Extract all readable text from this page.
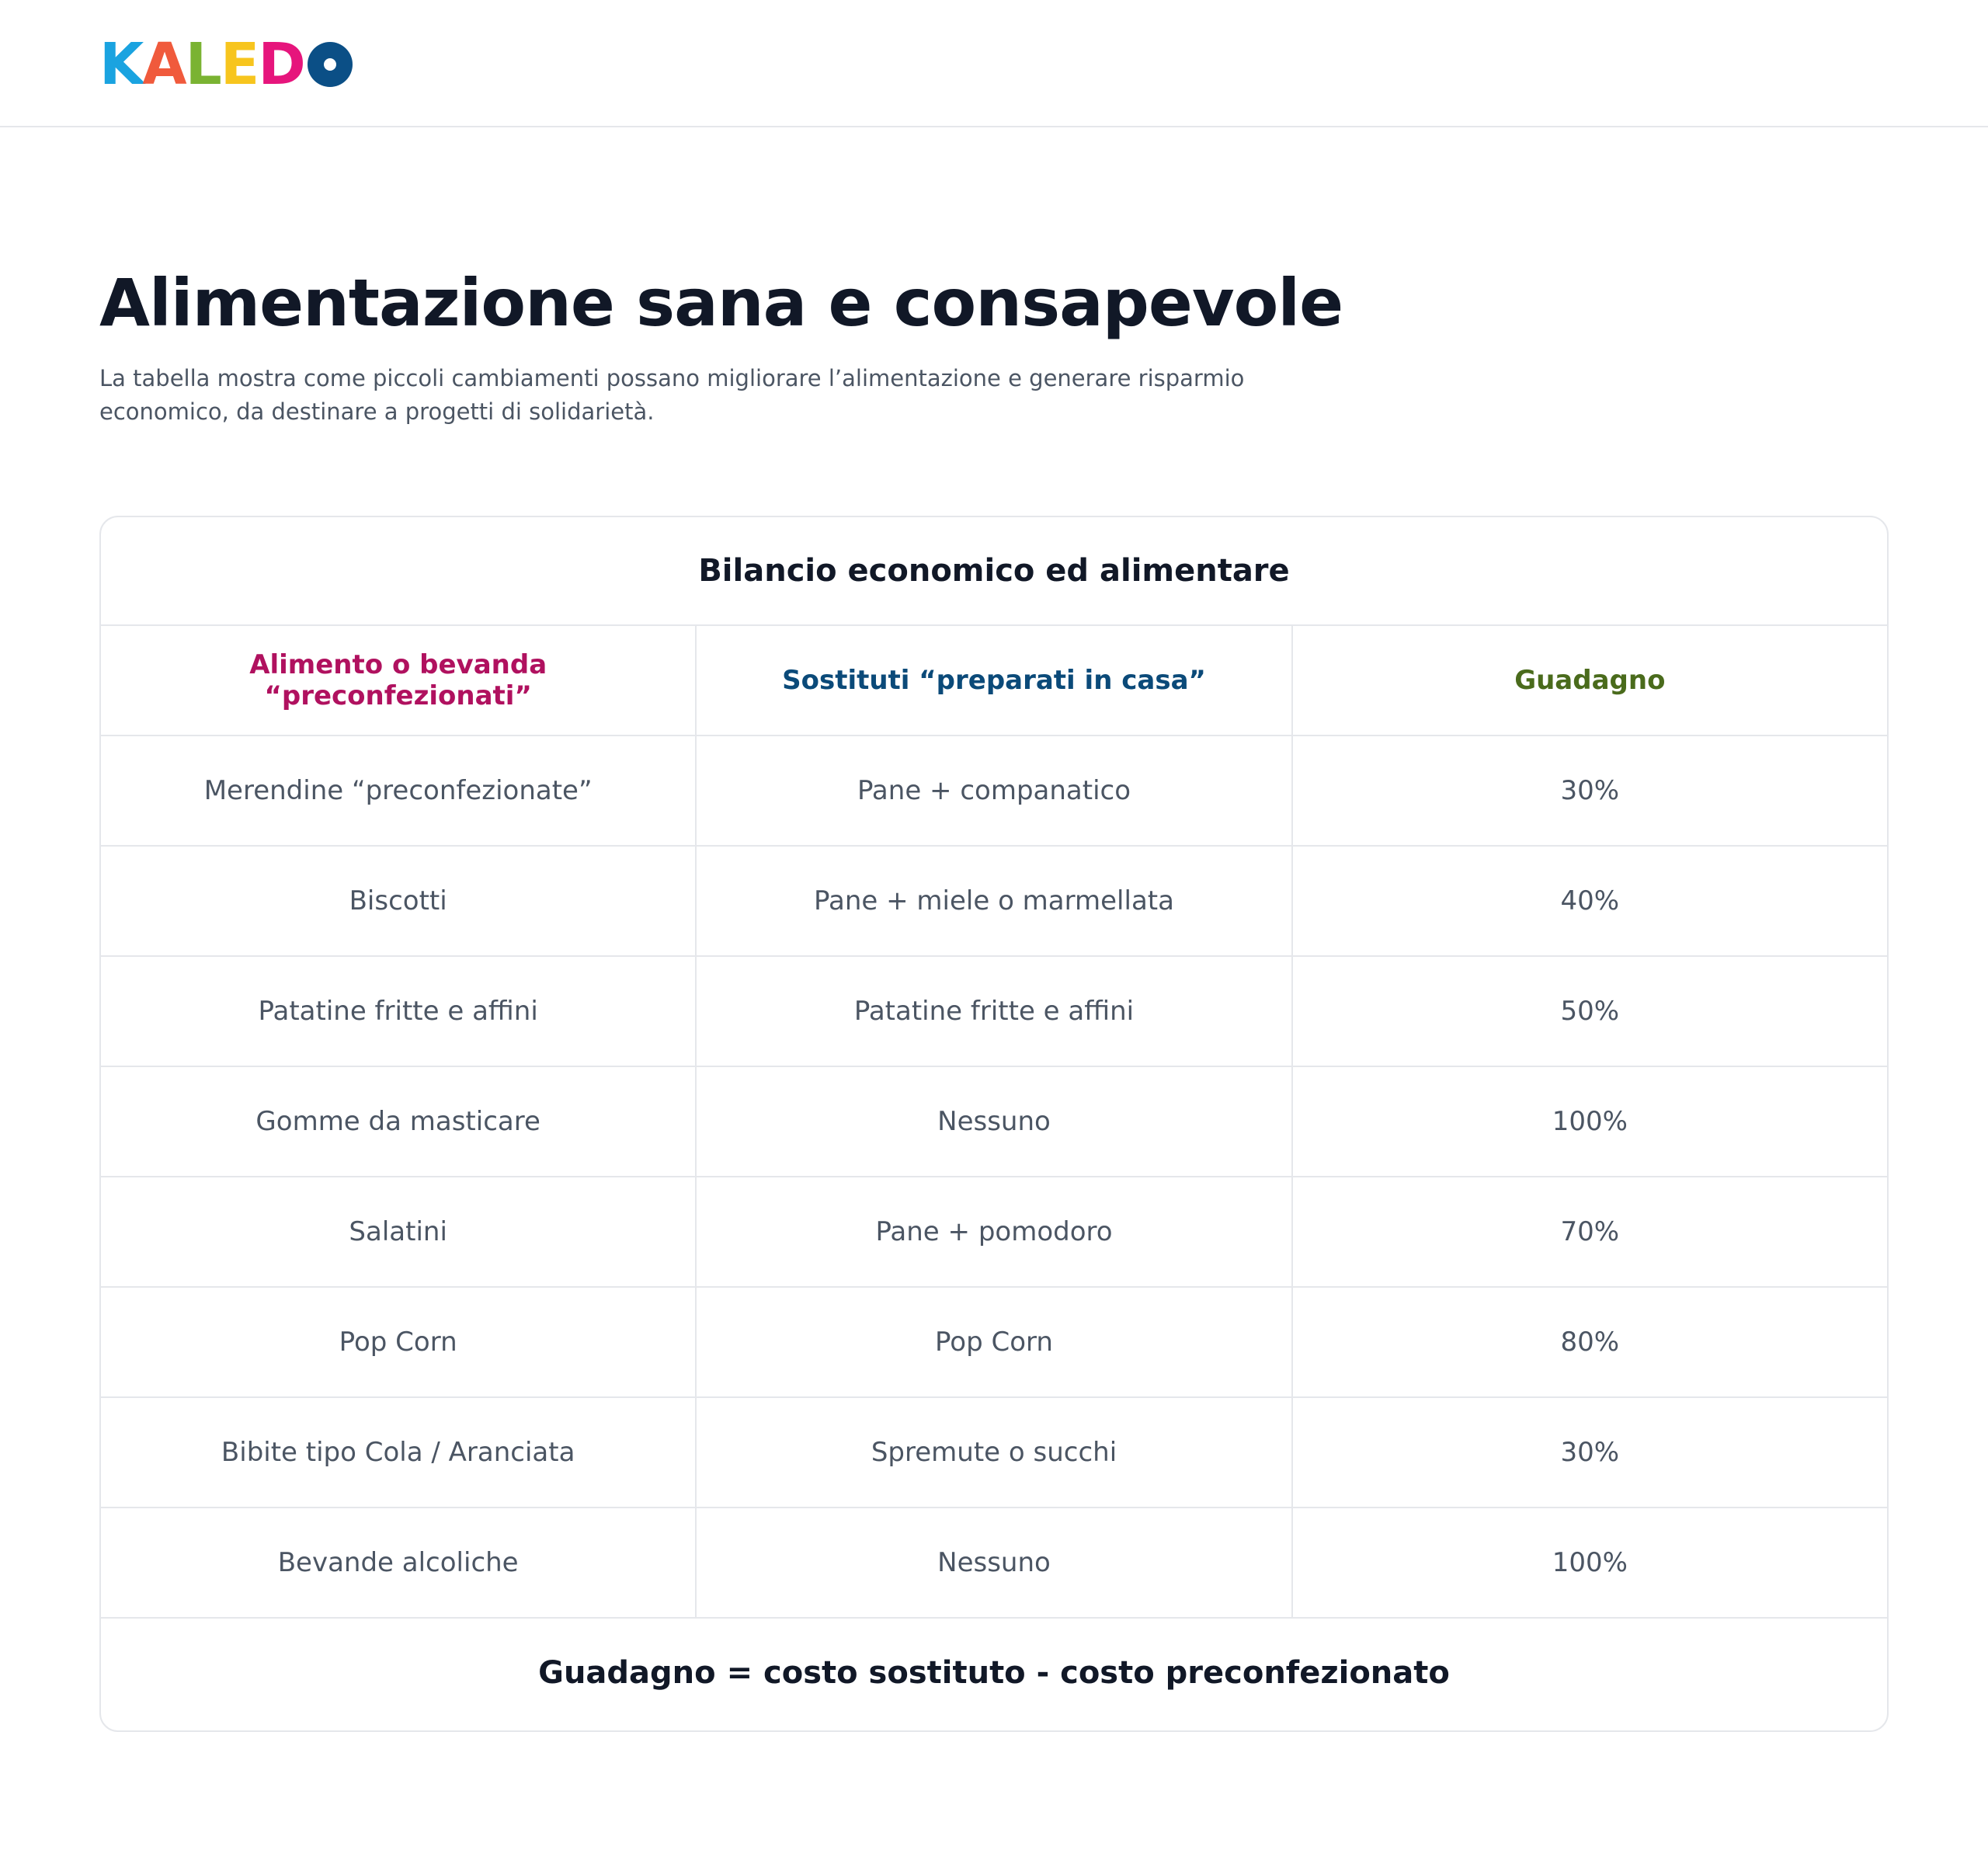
K A L E D
Alimentazione sana e consapevole

La tabella mostra come piccoli cambiamenti possano migliorare l’alimentazione e generare risparmio economico, da destinare a progetti di solidarietà.

Bilancio economico ed alimentare
Alimento o bevanda “preconfezionati”	Sostituti “preparati in casa”	Guadagno
Merendine “preconfezionate”	Pane + companatico	30%
Biscotti	Pane + miele o marmellata	40%
Patatine fritte e affini	Patatine fritte e affini	50%
Gomme da masticare	Nessuno	100%
Salatini	Pane + pomodoro	70%
Pop Corn	Pop Corn	80%
Bibite tipo Cola / Aranciata	Spremute o succhi	30%
Bevande alcoliche	Nessuno	100%
Guadagno = costo sostituto - costo preconfezionato
